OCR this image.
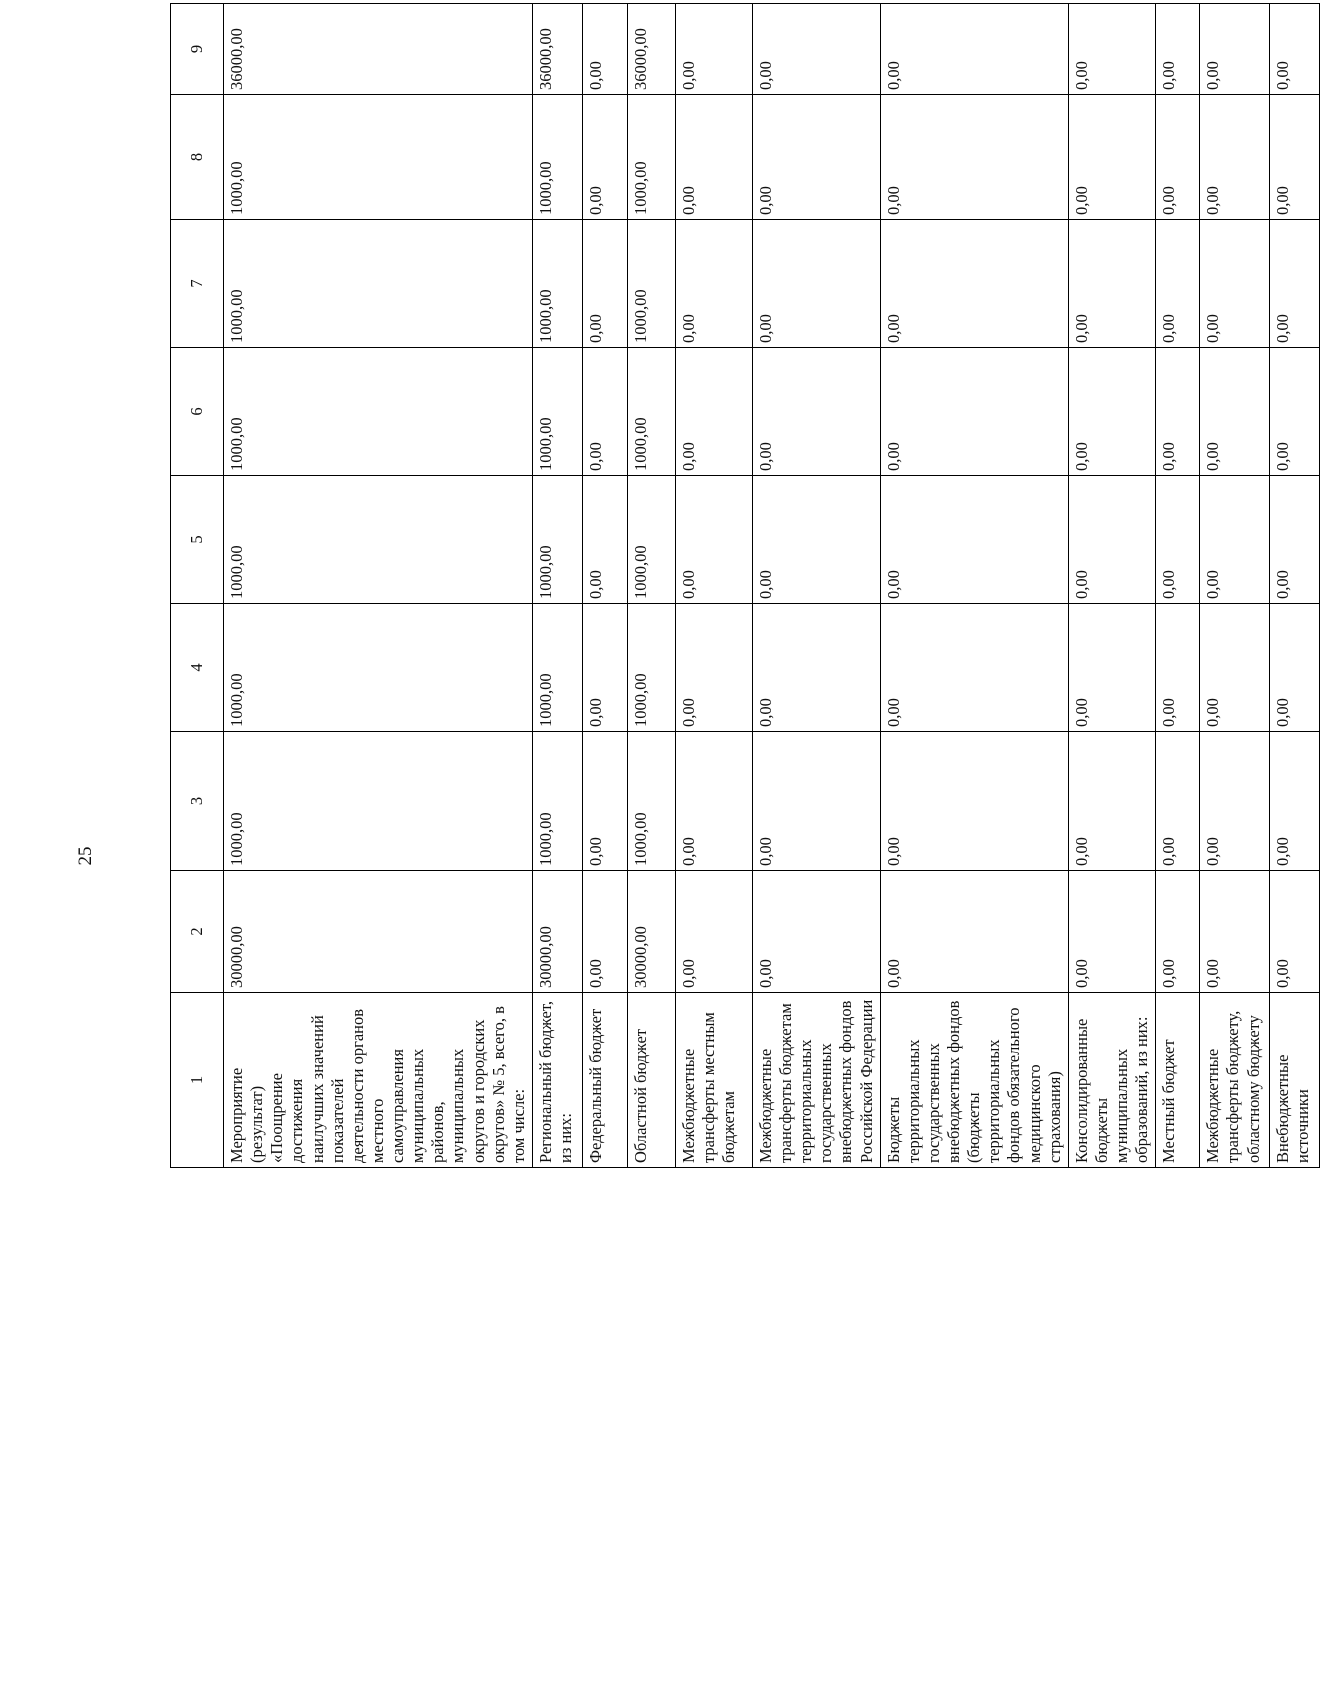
25
1	2	3	4	5	6	7	8	9
Мероприятие (результат) «Поощрение достижения наилучших значений показателей деятельности органов местного самоуправления муниципальных районов, муниципальных округов и городских округов» № 5, всего, в том числе:	30000,00	1000,00	1000,00	1000,00	1000,00	1000,00	1000,00	36000,00
Региональный бюджет, из них:	30000,00	1000,00	1000,00	1000,00	1000,00	1000,00	1000,00	36000,00
Федеральный бюджет	0,00	0,00	0,00	0,00	0,00	0,00	0,00	0,00
Областной бюджет	30000,00	1000,00	1000,00	1000,00	1000,00	1000,00	1000,00	36000,00
Межбюджетные трансферты местным бюджетам	0,00	0,00	0,00	0,00	0,00	0,00	0,00	0,00
Межбюджетные трансферты бюджетам территориальных государственных внебюджетных фондов Российской Федерации	0,00	0,00	0,00	0,00	0,00	0,00	0,00	0,00
Бюджеты территориальных государственных внебюджетных фондов (бюджеты территориальных фондов обязательного медицинского страхования)	0,00	0,00	0,00	0,00	0,00	0,00	0,00	0,00
Консолидированные бюджеты муниципальных образований, из них:	0,00	0,00	0,00	0,00	0,00	0,00	0,00	0,00
Местный бюджет	0,00	0,00	0,00	0,00	0,00	0,00	0,00	0,00
Межбюджетные трансферты бюджету, областному бюджету	0,00	0,00	0,00	0,00	0,00	0,00	0,00	0,00
Внебюджетные источники	0,00	0,00	0,00	0,00	0,00	0,00	0,00	0,00
